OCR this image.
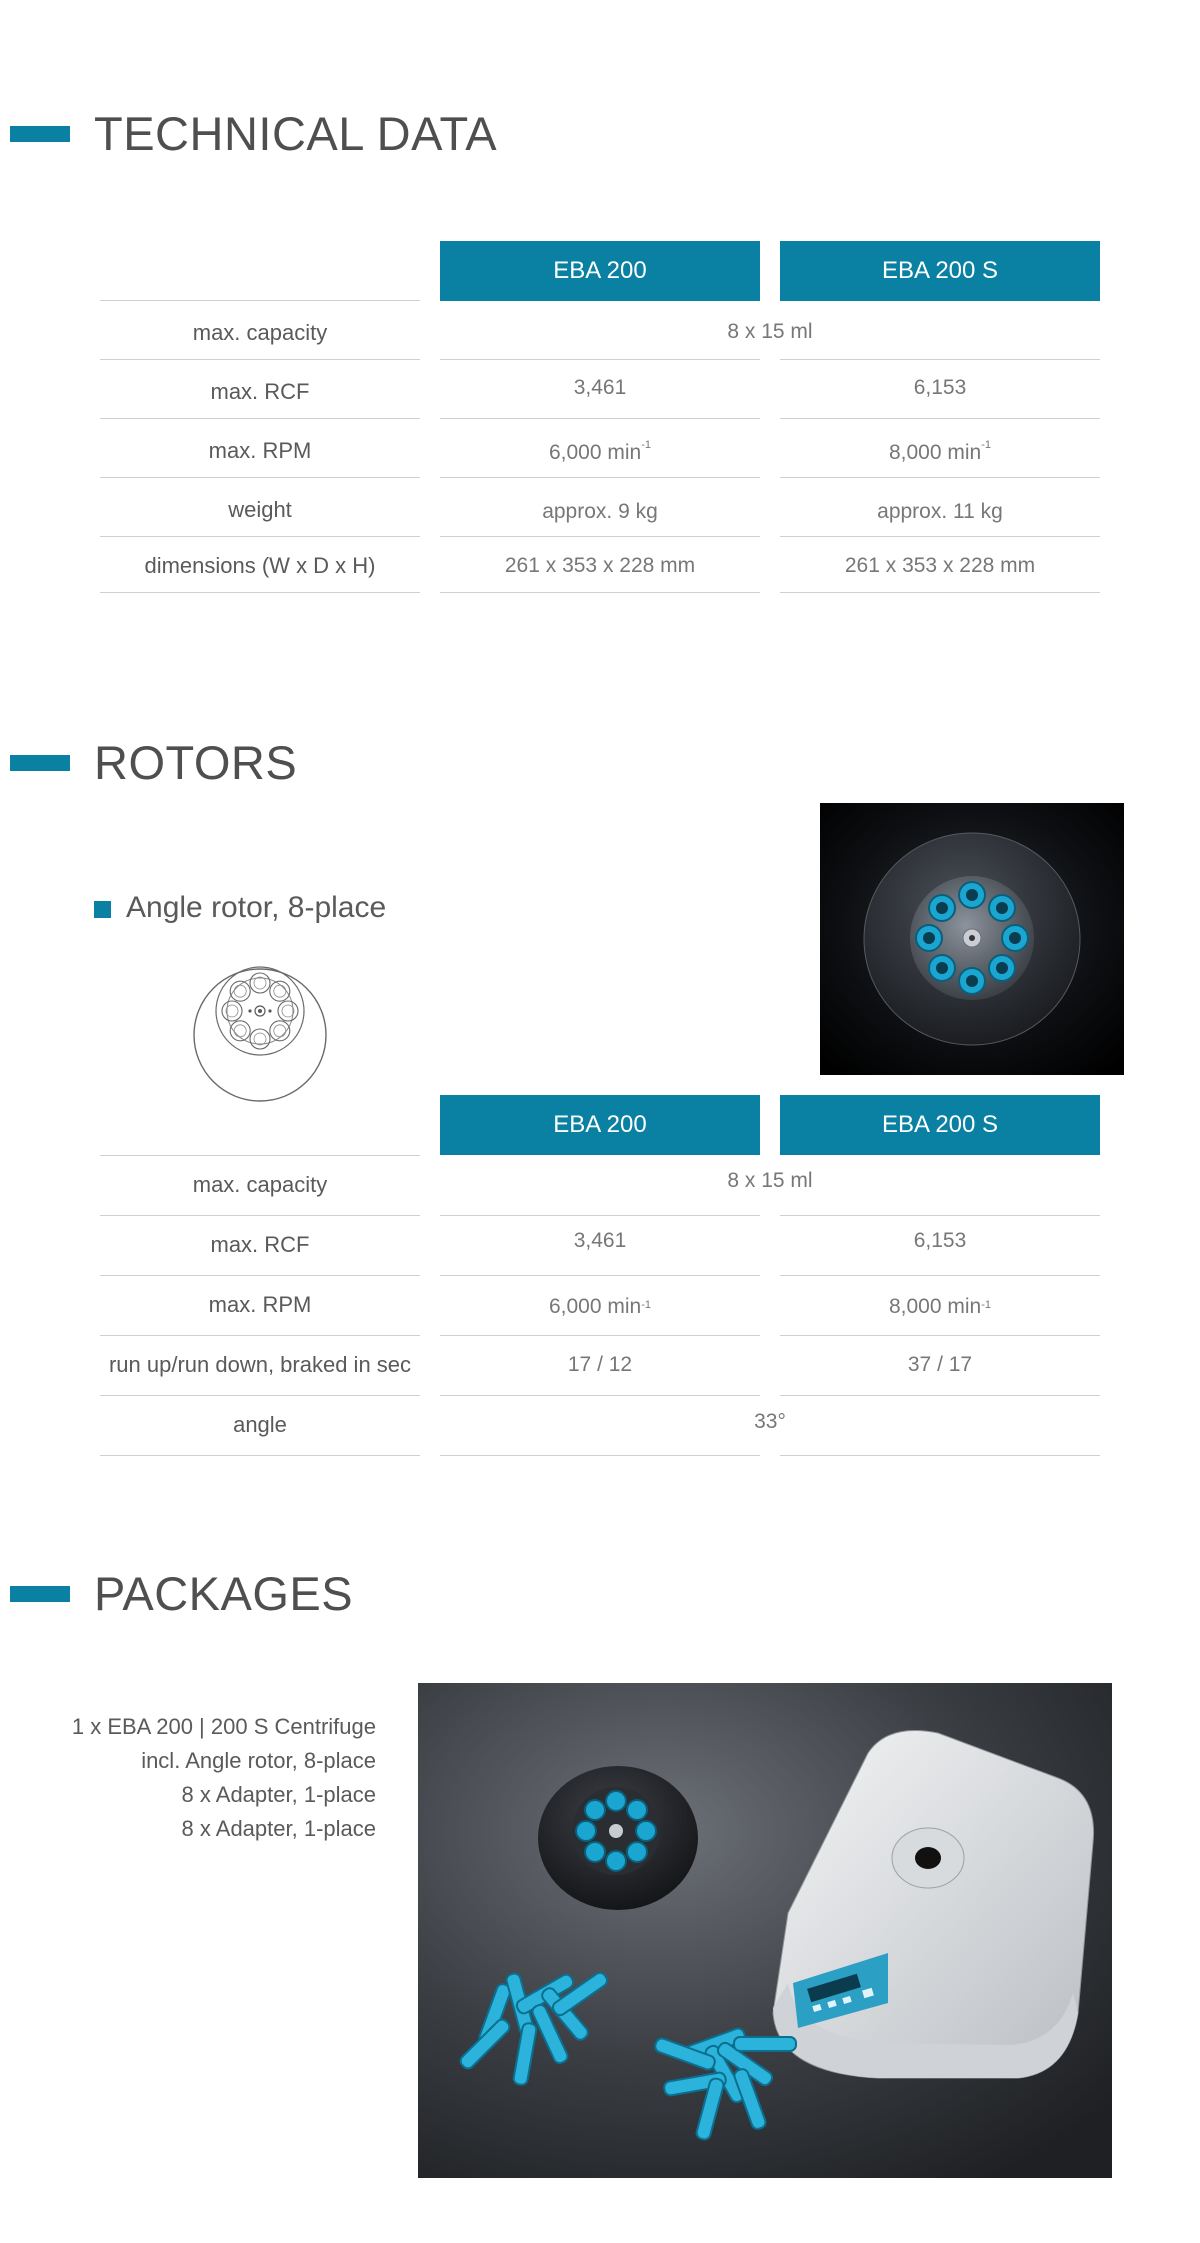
TECHNICAL DATA
EBA 200	EBA 200 S
max. capacity	8 x 15 ml
max. RCF	3,461	6,153
max. RPM	6,000 $\min^{-1}$	8,000 $\min^{-1}$
weight	approx. 9 kg	approx. 11 kg
dimensions (W x D x H)	261 x 353 x 228 mm	261 x 353 x 228 mm
ROTORS
Angle rotor, 8-place
EBA 200	EBA 200 S
max. capacity	8 x 15 ml
max. RCF	3,461	6,153
max. RPM	6,000 $\min^{-1}$	8,000 $\min^{-1}$
run up/run down, braked in sec	17 / 12	37 / 17
angle	33°
PACKAGES
1 x EBA 200 | 200 S Centrifuge
incl. Angle rotor, 8-place
8 x Adapter, 1-place
8 x Adapter, 1-place
